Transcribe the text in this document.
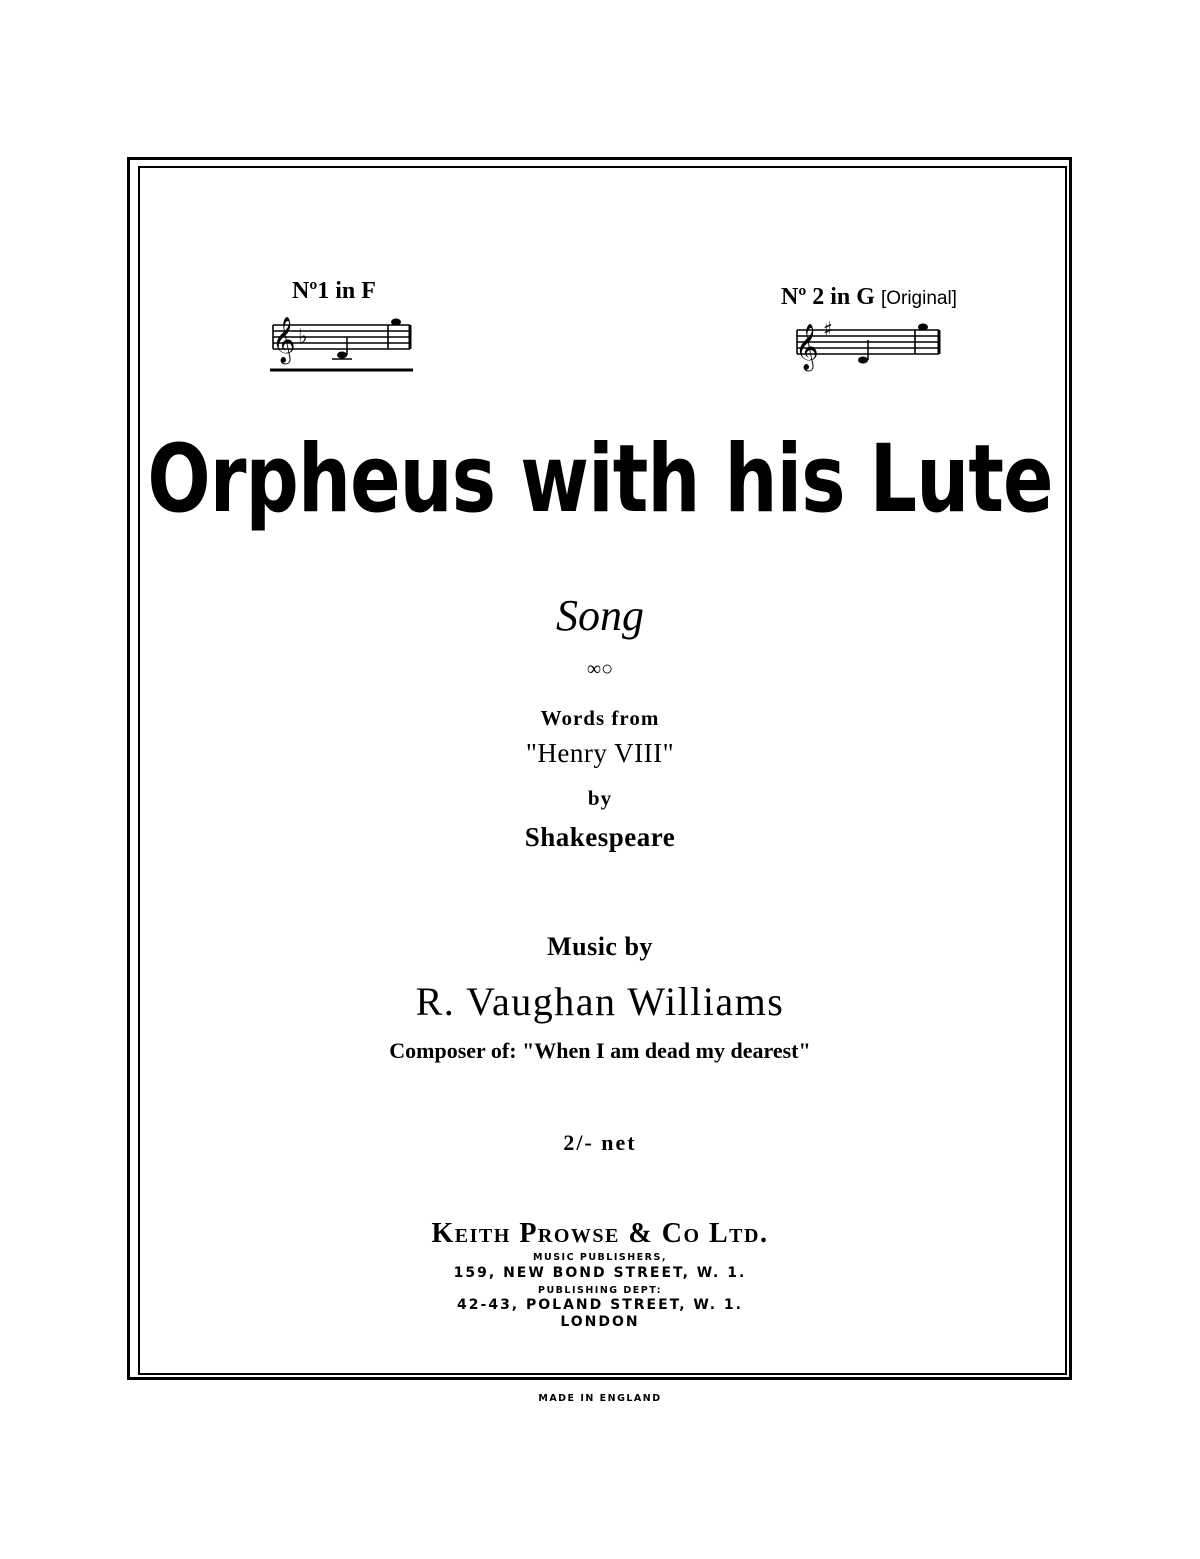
Nº1 in F
𝄞 ♭
Nº 2 in G [Original]
𝄞 ♯
Orpheus with his Lute
Song
∞○
Words from
"Henry VIII"
by
Shakespeare
Music by
R. Vaughan Williams
Composer of: "When I am dead my dearest"
2/- net
Keith Prowse & Co Ltd.
MUSIC PUBLISHERS,
159, NEW BOND STREET, W. 1.
PUBLISHING DEPT:
42-43, POLAND STREET, W. 1.
LONDON
MADE IN ENGLAND
